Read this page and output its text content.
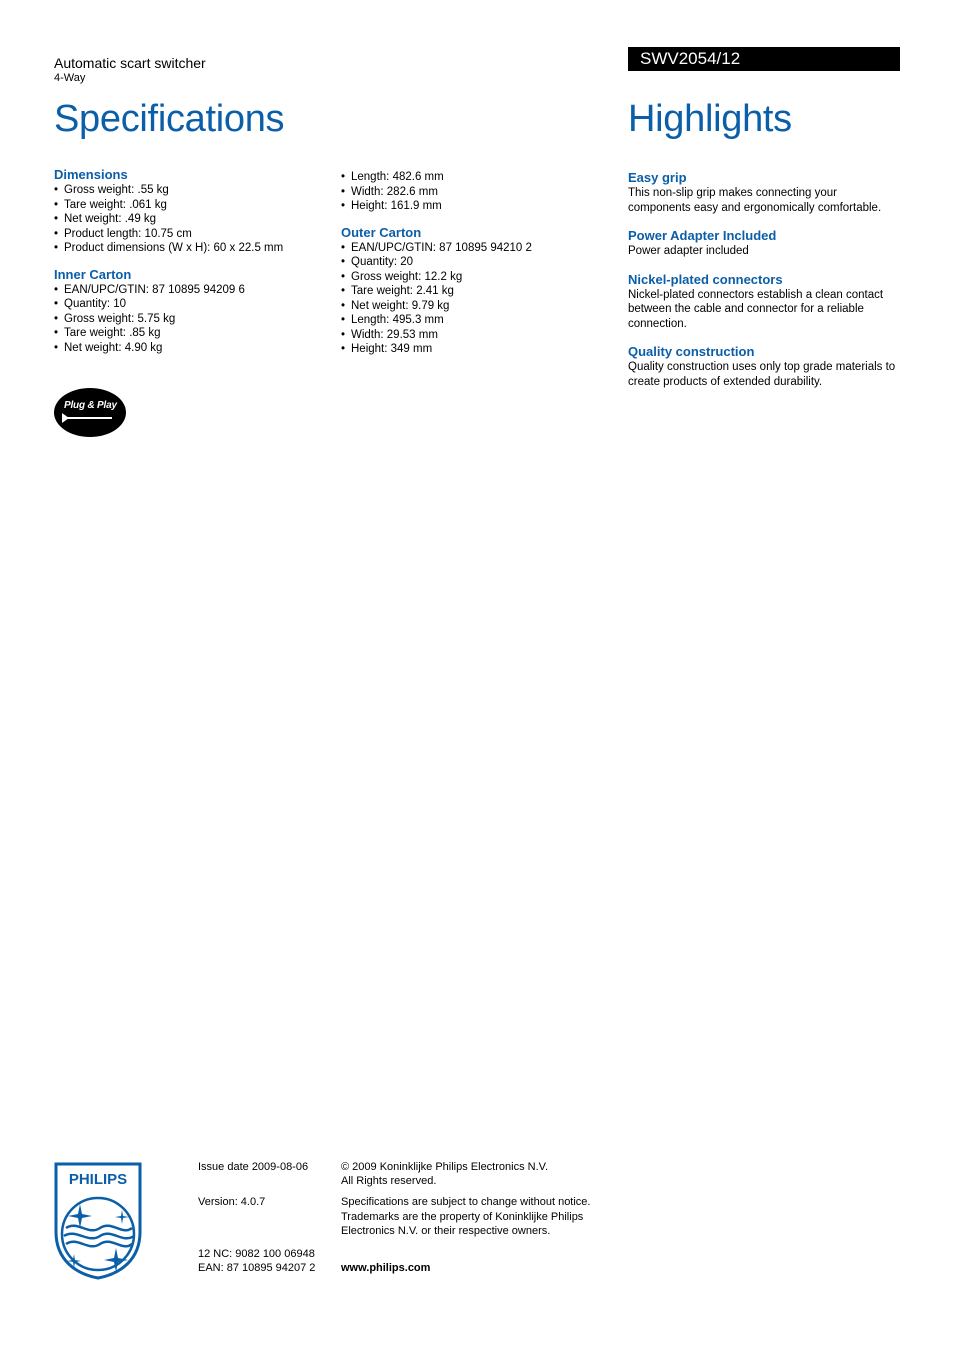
Automatic scart switcher
4-Way
Specifications
SWV2054/12
Highlights
Dimensions
• Gross weight: .55 kg
• Tare weight: .061 kg
• Net weight: .49 kg
• Product length: 10.75 cm
• Product dimensions (W x H): 60 x 22.5 mm
Inner Carton
• EAN/UPC/GTIN: 87 10895 94209 6
• Quantity: 10
• Gross weight: 5.75 kg
• Tare weight: .85 kg
• Net weight: 4.90 kg
• Length: 482.6 mm
• Width: 282.6 mm
• Height: 161.9 mm
Outer Carton
• EAN/UPC/GTIN: 87 10895 94210 2
• Quantity: 20
• Gross weight: 12.2 kg
• Tare weight: 2.41 kg
• Net weight: 9.79 kg
• Length: 495.3 mm
• Width: 29.53 mm
• Height: 349 mm
Easy grip
This non-slip grip makes connecting your components easy and ergonomically comfortable.
Power Adapter Included
Power adapter included
Nickel-plated connectors
Nickel-plated connectors establish a clean contact between the cable and connector for a reliable connection.
Quality construction
Quality construction uses only top grade materials to create products of extended durability.
Plug & Play
PHILIPS
Issue date 2009-08-06
Version: 4.0.7
12 NC: 9082 100 06948
EAN: 87 10895 94207 2
© 2009 Koninklijke Philips Electronics N.V.
All Rights reserved.
Specifications are subject to change without notice. Trademarks are the property of Koninklijke Philips Electronics N.V. or their respective owners.
www.philips.com
